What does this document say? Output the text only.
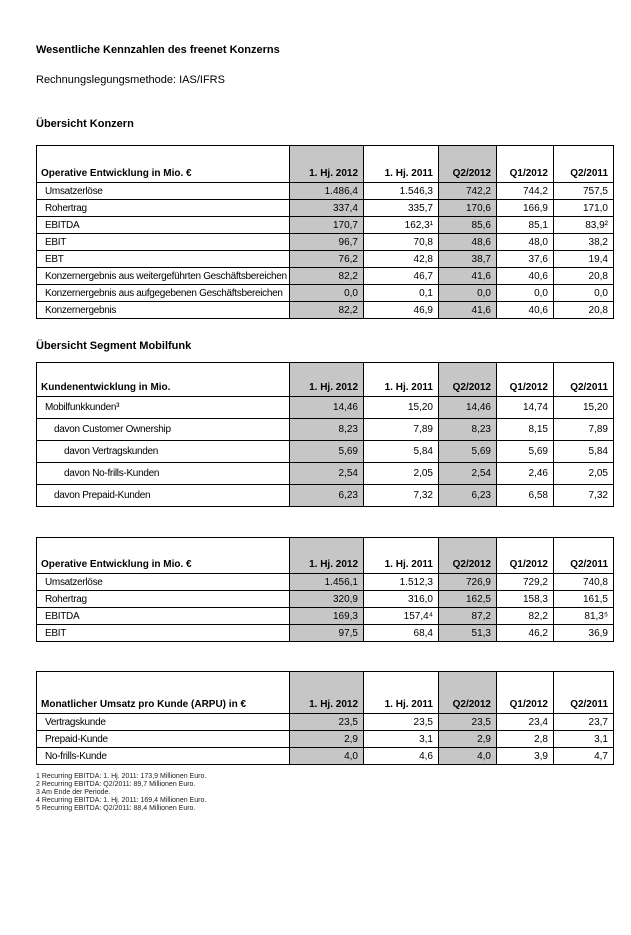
Wesentliche Kennzahlen des freenet Konzerns
Rechnungslegungsmethode: IAS/IFRS
Übersicht Konzern
Operative Entwicklung in Mio. €	1. Hj. 2012	1. Hj. 2011	Q2/2012	Q1/2012	Q2/2011
Umsatzerlöse	1.486,4	1.546,3	742,2	744,2	757,5
Rohertrag	337,4	335,7	170,6	166,9	171,0
EBITDA	170,7	162,3¹	85,6	85,1	83,9²
EBIT	96,7	70,8	48,6	48,0	38,2
EBT	76,2	42,8	38,7	37,6	19,4
Konzernergebnis aus weitergeführten Geschäftsbereichen	82,2	46,7	41,6	40,6	20,8
Konzernergebnis aus aufgegebenen Geschäftsbereichen	0,0	0,1	0,0	0,0	0,0
Konzernergebnis	82,2	46,9	41,6	40,6	20,8
Übersicht Segment Mobilfunk
Kundenentwicklung in Mio.	1. Hj. 2012	1. Hj. 2011	Q2/2012	Q1/2012	Q2/2011
Mobilfunkkunden³	14,46	15,20	14,46	14,74	15,20
davon Customer Ownership	8,23	7,89	8,23	8,15	7,89
davon Vertragskunden	5,69	5,84	5,69	5,69	5,84
davon No-frills-Kunden	2,54	2,05	2,54	2,46	2,05
davon Prepaid-Kunden	6,23	7,32	6,23	6,58	7,32
Operative Entwicklung in Mio. €	1. Hj. 2012	1. Hj. 2011	Q2/2012	Q1/2012	Q2/2011
Umsatzerlöse	1.456,1	1.512,3	726,9	729,2	740,8
Rohertrag	320,9	316,0	162,5	158,3	161,5
EBITDA	169,3	157,4⁴	87,2	82,2	81,3⁵
EBIT	97,5	68,4	51,3	46,2	36,9
Monatlicher Umsatz pro Kunde (ARPU) in €	1. Hj. 2012	1. Hj. 2011	Q2/2012	Q1/2012	Q2/2011
Vertragskunde	23,5	23,5	23,5	23,4	23,7
Prepaid-Kunde	2,9	3,1	2,9	2,8	3,1
No-frills-Kunde	4,0	4,6	4,0	3,9	4,7
1 Recurring EBITDA: 1. Hj. 2011: 173,9 Millionen Euro.
2 Recurring EBITDA: Q2/2011: 89,7 Millionen Euro.
3 Am Ende der Periode.
4 Recurring EBITDA: 1. Hj. 2011: 169,4 Millionen Euro.
5 Recurring EBITDA: Q2/2011: 88,4 Millionen Euro.
